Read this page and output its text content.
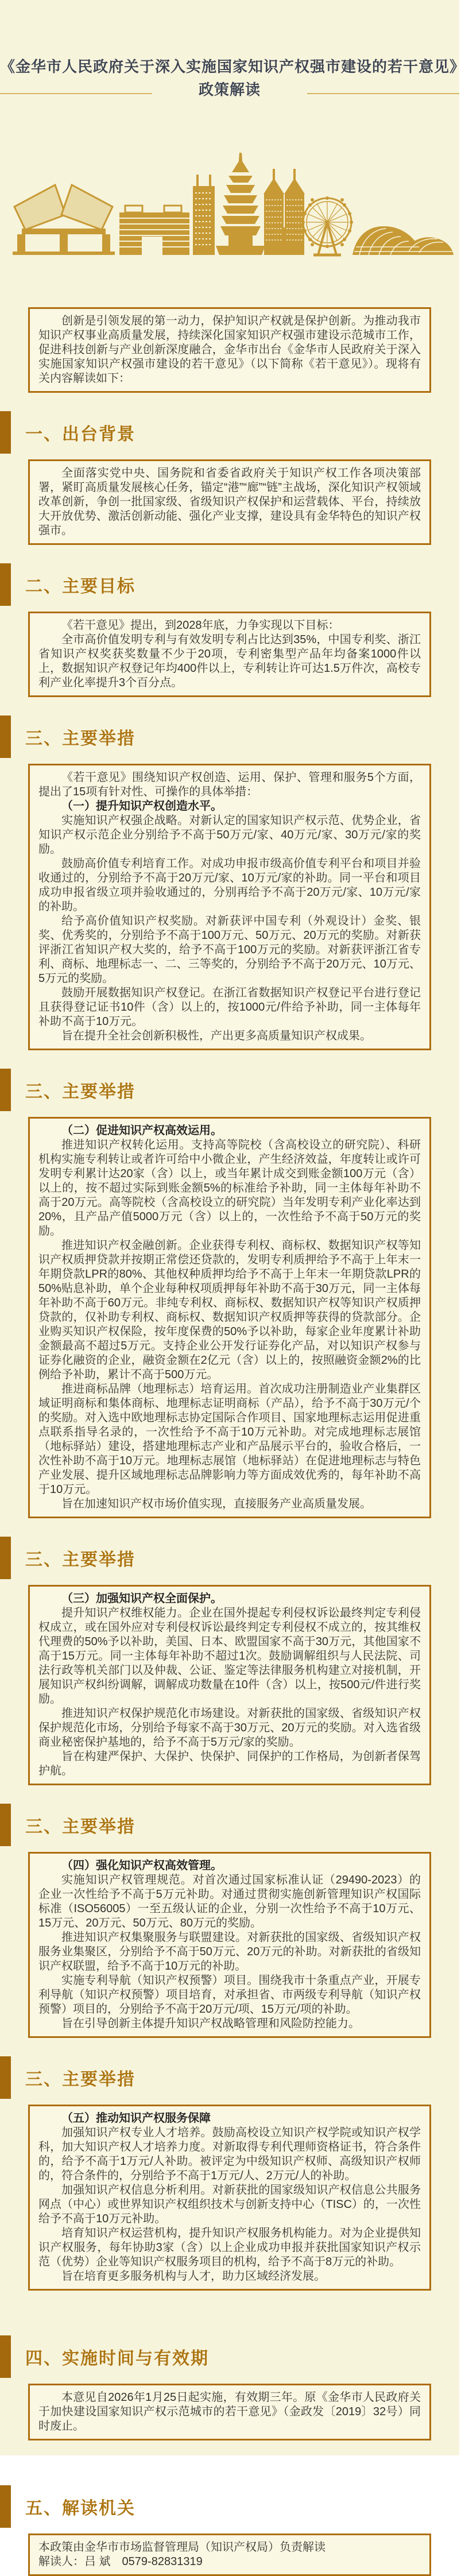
《金华市人民政府关于深入实施国家知识产权强市建设的若干意见》
政策解读

创新是引领发展的第一动力，保护知识产权就是保护创新。为推动我市知识产权事业高质量发展，持续深化国家知识产权强市建设示范城市工作，促进科技创新与产业创新深度融合，金华市出台《金华市人民政府关于深入实施国家知识产权强市建设的若干意见》（以下简称《若干意见》）。现将有关内容解读如下：

一、出台背景

全面落实党中央、国务院和省委省政府关于知识产权工作各项决策部署，紧盯高质量发展核心任务，锚定“港”“廊”“链”主战场，深化知识产权领域改革创新，争创一批国家级、省级知识产权保护和运营载体、平台，持续放大开放优势、激活创新动能、强化产业支撑，建设具有金华特色的知识产权强市。

二、主要目标

《若干意见》提出，到2028年底，力争实现以下目标：

全市高价值发明专利与有效发明专利占比达到35%，中国专利奖、浙江省知识产权奖获奖数量不少于20项，专利密集型产品年均备案1000件以上，数据知识产权登记年均400件以上，专利转让许可达1.5万件次，高校专利产业化率提升3个百分点。

三、主要举措

《若干意见》围绕知识产权创造、运用、保护、管理和服务5个方面，提出了15项有针对性、可操作的具体举措：

（一）提升知识产权创造水平。

实施知识产权强企战略。对新认定的国家知识产权示范、优势企业，省知识产权示范企业分别给予不高于50万元/家、40万元/家、30万元/家的奖励。

鼓励高价值专利培育工作。对成功申报市级高价值专利平台和项目并验收通过的，分别给予不高于20万元/家、10万元/家的补助。同一平台和项目成功申报省级立项并验收通过的，分别再给予不高于20万元/家、10万元/家的补助。

给予高价值知识产权奖励。对新获评中国专利（外观设计）金奖、银奖、优秀奖的，分别给予不高于100万元、50万元、20万元的奖励。对新获评浙江省知识产权大奖的，给予不高于100万元的奖励。对新获评浙江省专利、商标、地理标志一、二、三等奖的，分别给予不高于20万元、10万元、5万元的奖励。

鼓励开展数据知识产权登记。在浙江省数据知识产权登记平台进行登记且获得登记证书10件（含）以上的，按1000元/件给予补助，同一主体每年补助不高于10万元。

旨在提升全社会创新积极性，产出更多高质量知识产权成果。

三、主要举措

（二）促进知识产权高效运用。

推进知识产权转化运用。支持高等院校（含高校设立的研究院）、科研机构实施专利转让或者许可给中小微企业，产生经济效益，年度转让或许可发明专利累计达20家（含）以上，或当年累计成交到账金额100万元（含）以上的，按不超过实际到账金额5%的标准给予补助，同一主体每年补助不高于20万元。高等院校（含高校设立的研究院）当年发明专利产业化率达到20%，且产品产值5000万元（含）以上的，一次性给予不高于50万元的奖励。

推进知识产权金融创新。企业获得专利权、商标权、数据知识产权等知识产权质押贷款并按期正常偿还贷款的，发明专利质押给予不高于上年末一年期贷款LPR的80%、其他权种质押均给予不高于上年末一年期贷款LPR的50%贴息补助，单个企业每种权项质押每年补助不高于30万元，同一主体每年补助不高于60万元。非纯专利权、商标权、数据知识产权等知识产权质押贷款的，仅补助专利权、商标权、数据知识产权质押等获得的贷款部分。企业购买知识产权保险，按年度保费的50%予以补助，每家企业年度累计补助金额最高不超过5万元。支持企业公开发行证券化产品，对以知识产权参与证券化融资的企业，融资金额在2亿元（含）以上的，按照融资金额2%的比例给予补助，累计不高于500万元。

推进商标品牌（地理标志）培育运用。首次成功注册制造业产业集群区域证明商标和集体商标、地理标志证明商标（产品），给予不高于30万元/个的奖励。对入选中欧地理标志协定国际合作项目、国家地理标志运用促进重点联系指导名录的，一次性给予不高于10万元补助。对完成地理标志展馆（地标驿站）建设，搭建地理标志产业和产品展示平台的，验收合格后，一次性补助不高于10万元。地理标志展馆（地标驿站）在促进地理标志与特色产业发展、提升区域地理标志品牌影响力等方面成效优秀的，每年补助不高于10万元。

旨在加速知识产权市场价值实现，直接服务产业高质量发展。

三、主要举措

（三）加强知识产权全面保护。

提升知识产权维权能力。企业在国外提起专利侵权诉讼最终判定专利侵权成立，或在国外应对专利侵权诉讼最终判定专利侵权不成立的，按其维权代理费的50%予以补助，美国、日本、欧盟国家不高于30万元，其他国家不高于15万元。同一主体每年补助不超过1次。鼓励调解组织与人民法院、司法行政等机关部门以及仲裁、公证、鉴定等法律服务机构建立对接机制，开展知识产权纠纷调解，调解成功数量在10件（含）以上，按500元/件进行奖励。

推进知识产权保护规范化市场建设。对新获批的国家级、省级知识产权保护规范化市场，分别给予每家不高于30万元、20万元的奖励。对入选省级商业秘密保护基地的，给予不高于5万元/家的奖励。

旨在构建严保护、大保护、快保护、同保护的工作格局，为创新者保驾护航。

三、主要举措

（四）强化知识产权高效管理。

实施知识产权管理规范。对首次通过国家标准认证（29490-2023）的企业一次性给予不高于5万元补助。对通过贯彻实施创新管理知识产权国际标准（ISO56005）一至五级认证的企业，分别一次性给予不高于10万元、15万元、20万元、50万元、80万元的奖励。

推进知识产权集聚服务与联盟建设。对新获批的国家级、省级知识产权服务业集聚区，分别给予不高于50万元、20万元的补助。对新获批的省级知识产权联盟，给予不高于10万元的补助。

实施专利导航（知识产权预警）项目。围绕我市十条重点产业，开展专利导航（知识产权预警）项目培育，对承担省、市两级专利导航（知识产权预警）项目的，分别给予不高于20万元/项、15万元/项的补助。

旨在引导创新主体提升知识产权战略管理和风险防控能力。

三、主要举措

（五）推动知识产权服务保障

加强知识产权专业人才培养。鼓励高校设立知识产权学院或知识产权学科，加大知识产权人才培养力度。对新取得专利代理师资格证书，符合条件的，给予不高于1万元/人补助。被评定为中级知识产权师、高级知识产权师的，符合条件的，分别给予不高于1万元/人、2万元/人的补助。

加强知识产权信息分析利用。对新获批的国家级知识产权信息公共服务网点（中心）或世界知识产权组织技术与创新支持中心（TISC）的，一次性给予不高于10万元补助。

培育知识产权运营机构，提升知识产权服务机构能力。对为企业提供知识产权服务，每年协助3家（含）以上企业成功申报并获批国家知识产权示范（优势）企业等知识产权服务项目的机构，给予不高于8万元的补助。

旨在培育更多服务机构与人才，助力区域经济发展。

四、实施时间与有效期

本意见自2026年1月25日起实施，有效期三年。原《金华市人民政府关于加快建设国家知识产权示范城市的若干意见》（金政发〔2019〕32号）同时废止。

五、解读机关

本政策由金华市市场监督管理局（知识产权局）负责解读

解读人：吕 斌　0579-82831319
